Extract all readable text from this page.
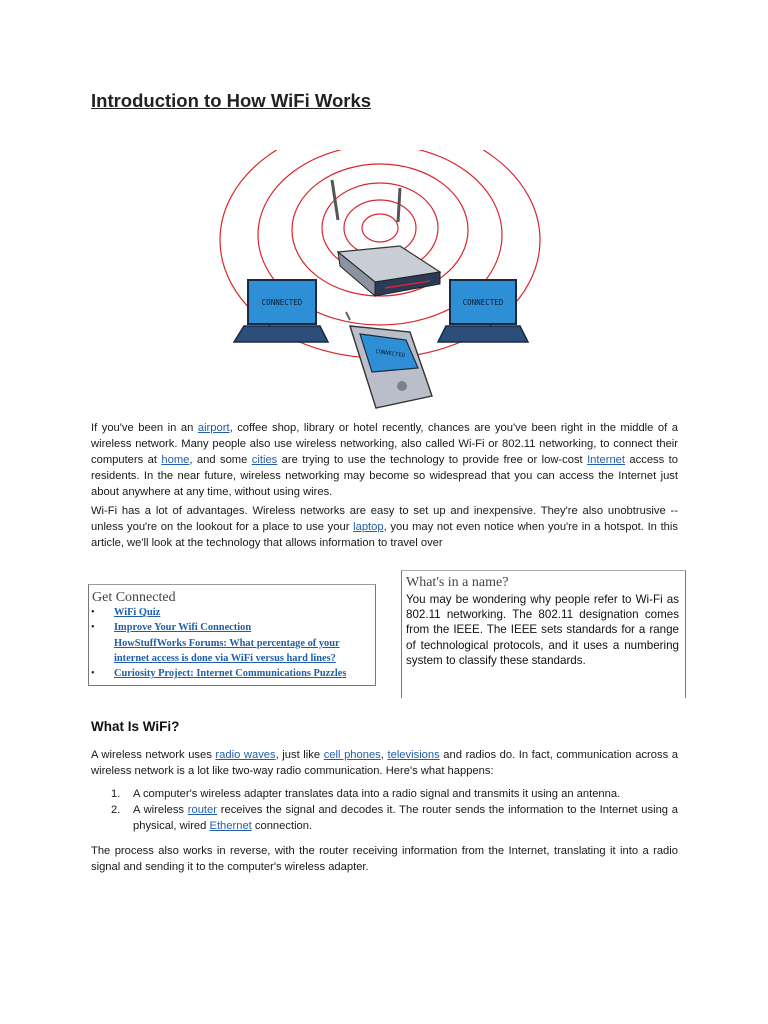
Introduction to How WiFi Works
CONNECTED	CONNECTED
CONNECTED

If you've been in an airport, coffee shop, library or hotel recently, chances are you've been right in the middle of a wireless network. Many people also use wireless networking, also called Wi-Fi or 802.11 networking, to connect their computers at home, and some cities are trying to use the technology to provide free or low-cost Internet access to residents. In the near future, wireless networking may become so widespread that you can access the Internet just about anywhere at any time, without using wires.

Wi-Fi has a lot of advantages. Wireless networks are easy to set up and inexpensive. They're also unobtrusive -- unless you're on the lookout for a place to use your laptop, you may not even notice when you're in a hotspot. In this article, we'll look at the technology that allows information to travel over

Get Connected
• WiFi Quiz
• Improve Your Wifi Connection
HowStuffWorks Forums: What percentage of your internet access is done via WiFi versus hard lines?
• Curiosity Project: Internet Communications Puzzles
What's in a name?

You may be wondering why people refer to Wi-Fi as 802.11 networking. The 802.11 designation comes from the IEEE. The IEEE sets standards for a range of technological protocols, and it uses a numbering system to classify these standards.

What Is WiFi?

A wireless network uses radio waves, just like cell phones, televisions and radios do. In fact, communication across a wireless network is a lot like two-way radio communication. Here's what happens:

1. A computer's wireless adapter translates data into a radio signal and transmits it using an antenna.
2. A wireless router receives the signal and decodes it. The router sends the information to the Internet using a physical, wired Ethernet connection.

The process also works in reverse, with the router receiving information from the Internet, translating it into a radio signal and sending it to the computer's wireless adapter.
